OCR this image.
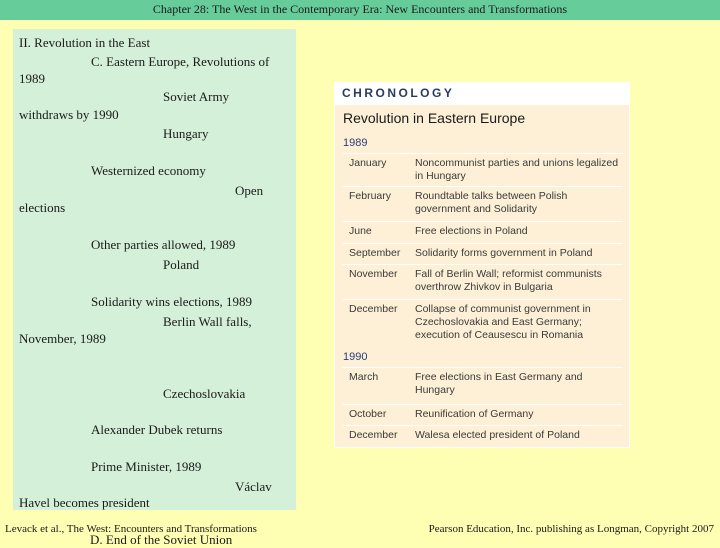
Chapter 28: The West in the Contemporary Era: New Encounters and Transformations
II. Revolution in the East
C. Eastern Europe, Revolutions of
1989
Soviet Army
withdraws by 1990
Hungary
Westernized economy
Open
elections
Other parties allowed, 1989
Poland
Solidarity wins elections, 1989
Berlin Wall falls,
November, 1989
Czechoslovakia
Alexander Dubek returns
Prime Minister, 1989
Václav
Havel becomes president
CHRONOLOGY
Revolution in Eastern Europe
1989
January	Noncommunist parties and unions legalized in Hungary
February Roundtable talks between Polish government and Solidarity
June	Free elections in Poland
September Solidarity forms government in Poland
November Fall of Berlin Wall; reformist communists overthrow Zhivkov in Bulgaria
December Collapse of communist government in Czechoslovakia and East Germany; execution of Ceausescu in Romania
1990
March	Free elections in East Germany and Hungary
October	Reunification of Germany
December Walesa elected president of Poland
D. End of the Soviet Union
Levack et al., The West: Encounters and Transformations	Pearson Education, Inc. publishing as Longman, Copyright 2007
